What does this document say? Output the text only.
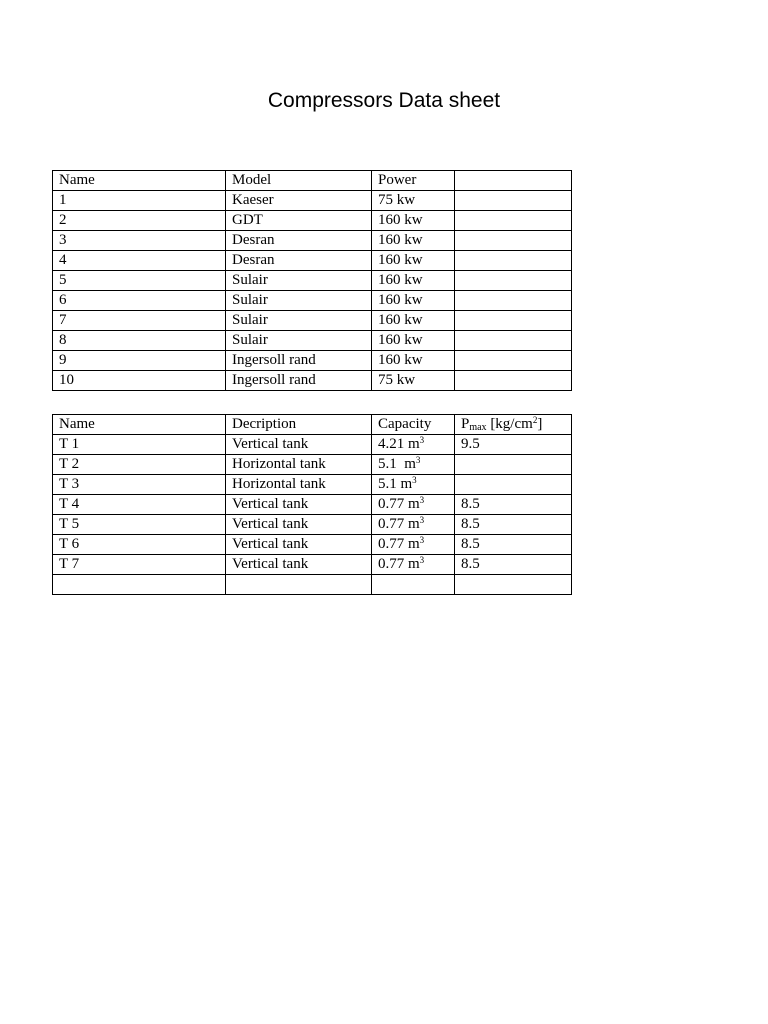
Compressors Data sheet
Name	Model	Power	
1	Kaeser	75 kw	
2	GDT	160 kw	
3	Desran	160 kw	
4	Desran	160 kw	
5	Sulair	160 kw	
6	Sulair	160 kw	
7	Sulair	160 kw	
8	Sulair	160 kw	
9	Ingersoll rand	160 kw	
10	Ingersoll rand	75 kw	
Name	Decription	Capacity	$P_{max}$ $[kg/cm^2]$
T 1	Vertical tank	4.21 $m^3$	9.5
T 2	Horizontal tank	5.1  $m^3$	
T 3	Horizontal tank	5.1 $m^3$	
T 4	Vertical tank	0.77 $m^3$	8.5
T 5	Vertical tank	0.77 $m^3$	8.5
T 6	Vertical tank	0.77 $m^3$	8.5
T 7	Vertical tank	0.77 $m^3$	8.5
